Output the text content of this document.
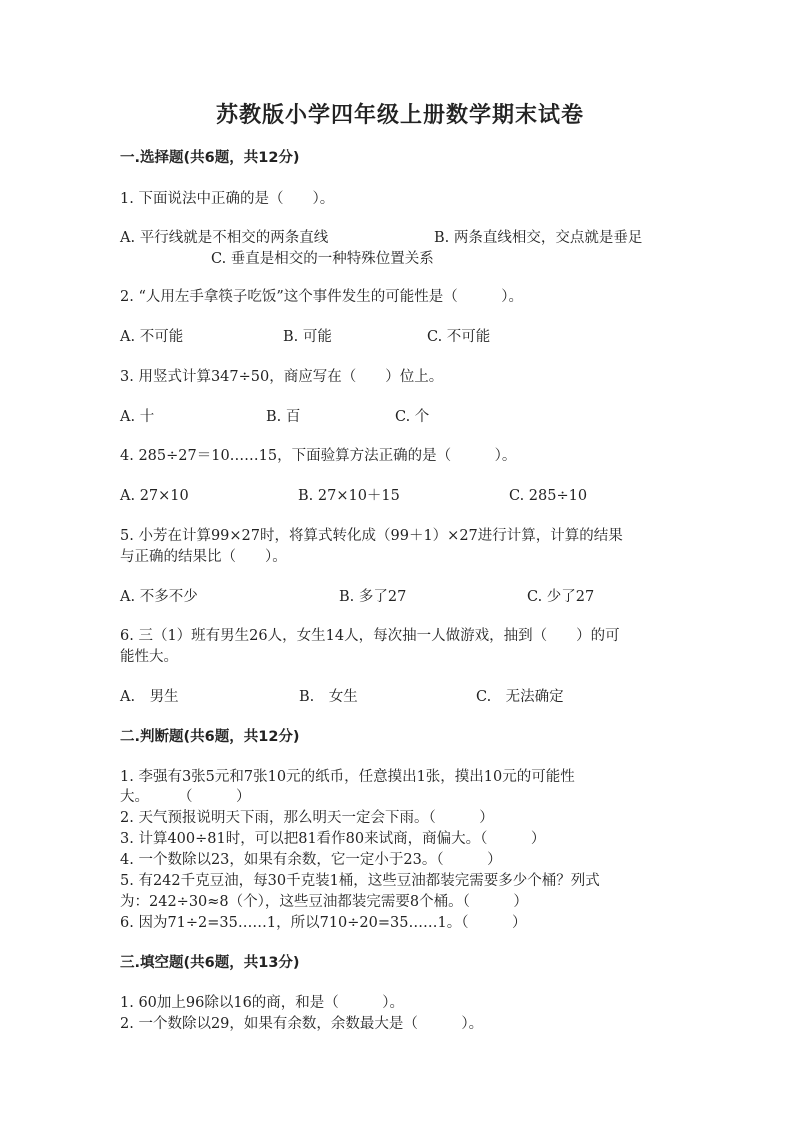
苏教版小学四年级上册数学期末试卷
一.选择题(共6题，共12分)
1. 下面说法中正确的是（　　）。
A. 平行线就是不相交的两条直线	B. 两条直线相交，交点就是垂足
C. 垂直是相交的一种特殊位置关系
2. “人用左手拿筷子吃饭”这个事件发生的可能性是（　　　）。
A. 不可能	B. 可能	C. 不可能
3. 用竖式计算347÷50，商应写在（　　）位上。
A. 十	B. 百	C. 个
4. 285÷27＝10……15，下面验算方法正确的是（　　　）。
A. 27×10	B. 27×10＋15	C. 285÷10
5. 小芳在计算99×27时，将算式转化成（99＋1）×27进行计算，计算的结果
与正确的结果比（　　）。
A. 不多不少	B. 多了27	C. 少了27
6. 三（1）班有男生26人，女生14人，每次抽一人做游戏，抽到（　　）的可
能性大。
A.　男生	B.　女生	C.　无法确定
二.判断题(共6题，共12分)
1. 李强有3张5元和7张10元的纸币，任意摸出1张，摸出10元的可能性
大。　　　（　　　）
2. 天气预报说明天下雨，那么明天一定会下雨。（　　　）
3. 计算400÷81时，可以把81看作80来试商，商偏大。（　　　）
4. 一个数除以23，如果有余数，它一定小于23。（　　　）
5. 有242千克豆油，每30千克装1桶，这些豆油都装完需要多少个桶？列式
为：242÷30≈8（个），这些豆油都装完需要8个桶。（　　　）
6. 因为71÷2=35……1，所以710÷20=35……1。（　　　）
三.填空题(共6题，共13分)
1. 60加上96除以16的商，和是（　　　）。
2. 一个数除以29，如果有余数，余数最大是（　　　）。
